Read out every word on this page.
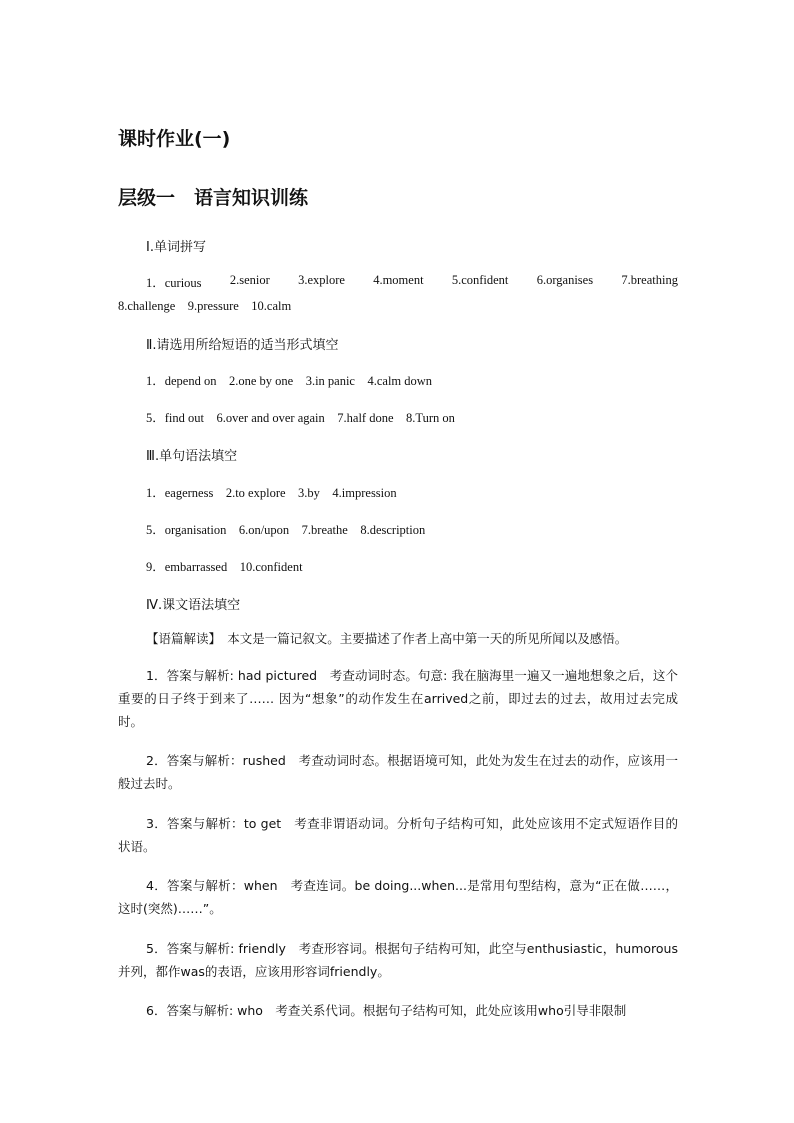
课时作业(一)
层级一　语言知识训练
Ⅰ.单词拼写
1．curious 2.senior 3.explore 4.moment 5.confident 6.organises 7.breathing
8.challenge　9.pressure　10.calm
Ⅱ.请选用所给短语的适当形式填空
1．depend on　2.one by one　3.in panic　4.calm down
5．find out　6.over and over again　7.half done　8.Turn on
Ⅲ.单句语法填空
1．eagerness　2.to explore　3.by　4.impression
5．organisation　6.on/upon　7.breathe　8.description
9．embarrassed　10.confident
Ⅳ.课文语法填空
【语篇解读】　本文是一篇记叙文。主要描述了作者上高中第一天的所见所闻以及感悟。

1．答案与解析: had pictured　考查动词时态。句意: 我在脑海里一遍又一遍地想象之后，这个重要的日子终于到来了…… 因为“想象”的动作发生在arrived之前，即过去的过去，故用过去完成时。

2．答案与解析：rushed　考查动词时态。根据语境可知，此处为发生在过去的动作，应该用一般过去时。

3．答案与解析：to get　考查非谓语动词。分析句子结构可知，此处应该用不定式短语作目的状语。

4．答案与解析：when　考查连词。be doing...when...是常用句型结构，意为“正在做……，这时(突然)……”。

5．答案与解析: friendly　考查形容词。根据句子结构可知，此空与enthusiastic，humorous并列，都作was的表语，应该用形容词friendly。

6．答案与解析: who　考查关系代词。根据句子结构可知，此处应该用who引导非限制
